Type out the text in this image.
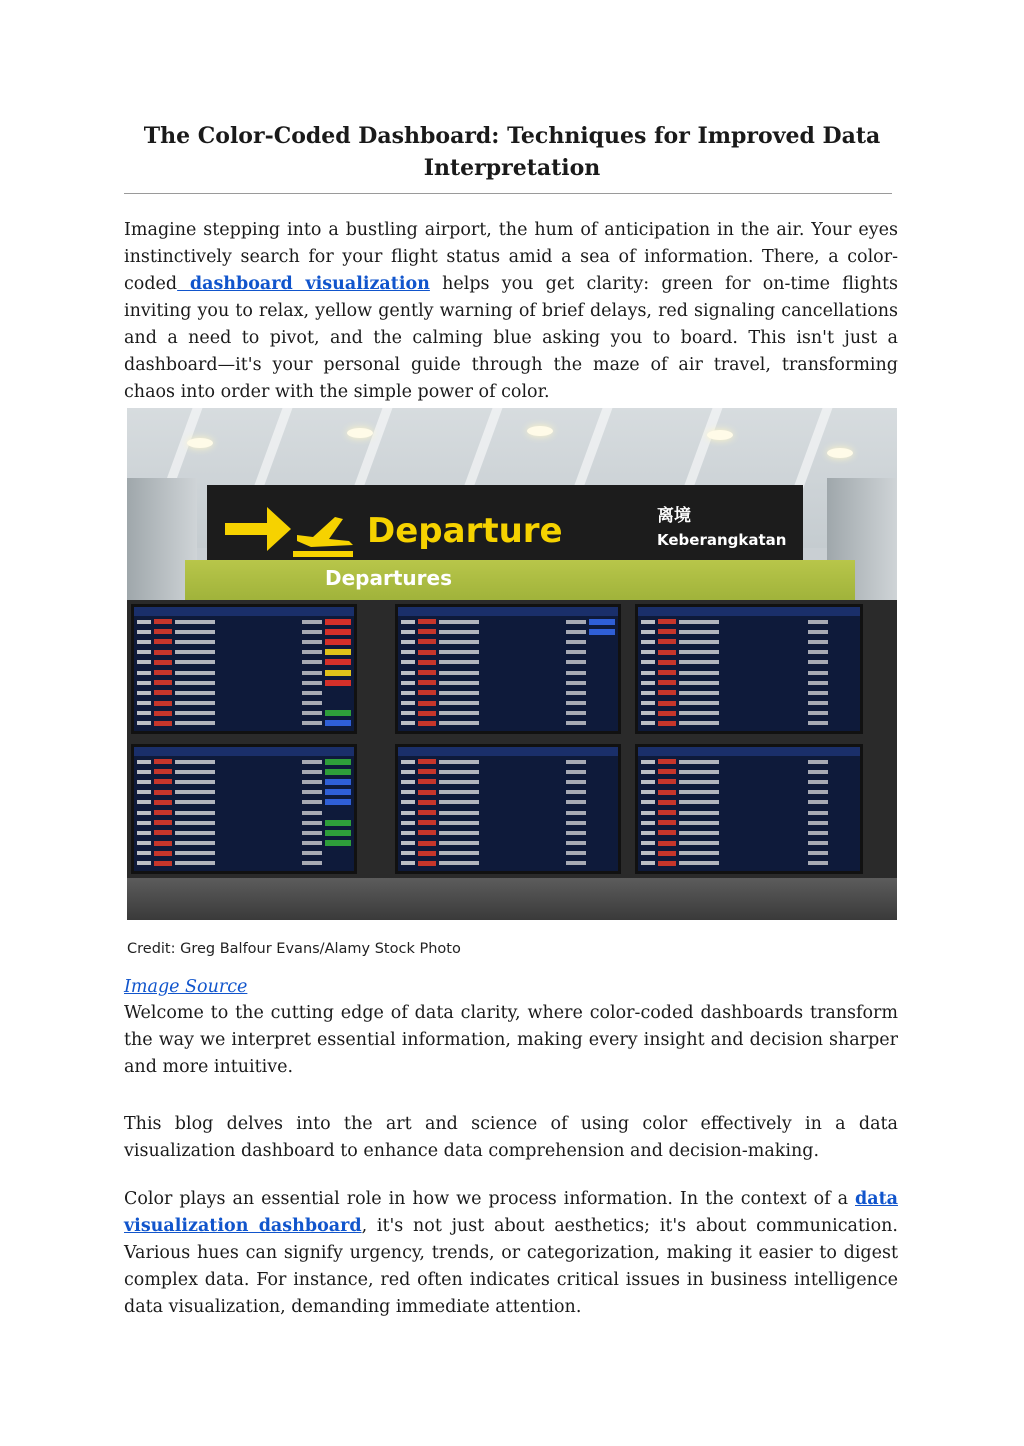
The Color-Coded Dashboard: Techniques for Improved Data Interpretation

Imagine stepping into a bustling airport, the hum of anticipation in the air. Your eyes instinctively search for your flight status amid a sea of information. There, a color-coded dashboard visualization helps you get clarity: green for on-time flights inviting you to relax, yellow gently warning of brief delays, red signaling cancellations and a need to pivot, and the calming blue asking you to board. This isn't just a dashboard—it's your personal guide through the maze of air travel, transforming chaos into order with the simple power of color.

Departure	离境
Keberangkatan
Departures
Credit: Greg Balfour Evans/Alamy Stock Photo
Image Source

Welcome to the cutting edge of data clarity, where color-coded dashboards transform the way we interpret essential information, making every insight and decision sharper and more intuitive.

This blog delves into the art and science of using color effectively in a data visualization dashboard to enhance data comprehension and decision-making.

Color plays an essential role in how we process information. In the context of a data visualization dashboard, it's not just about aesthetics; it's about communication. Various hues can signify urgency, trends, or categorization, making it easier to digest complex data. For instance, red often indicates critical issues in business intelligence data visualization, demanding immediate attention.
